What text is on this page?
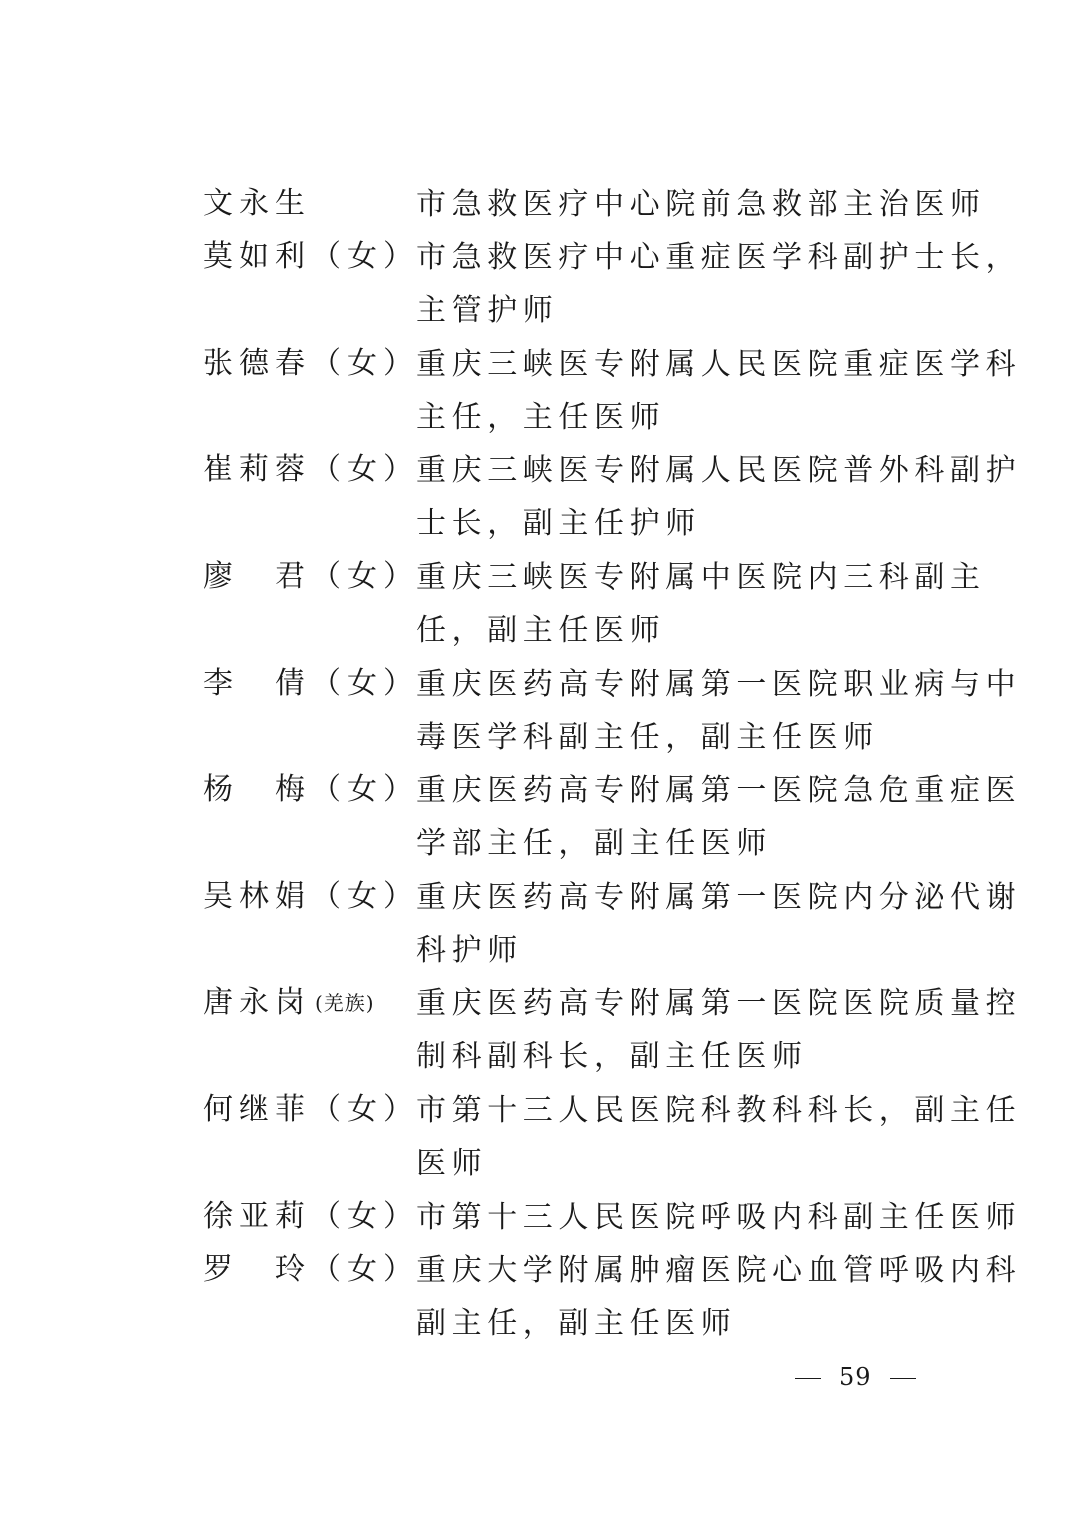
文永生	市急救医疗中心院前急救部主治医师
莫如利（女）
市急救医疗中心重症医学科副护士长，
主管护师
张德春（女）
重庆三峡医专附属人民医院重症医学科
主任，主任医师
崔莉蓉（女）
重庆三峡医专附属人民医院普外科副护
士长，副主任护师
廖　君（女）
重庆三峡医专附属中医院内三科副主
任，副主任医师
李　倩（女）
重庆医药高专附属第一医院职业病与中
毒医学科副主任，副主任医师
杨　梅（女）
重庆医药高专附属第一医院急危重症医
学部主任，副主任医师
吴林娟（女）
重庆医药高专附属第一医院内分泌代谢
科护师
唐永岗 (羌族) 重庆医药高专附属第一医院医院质量控
制科副科长，副主任医师
何继菲（女）
市第十三人民医院科教科科长，副主任
医师
徐亚莉（女）
市第十三人民医院呼吸内科副主任医师
罗　玲（女）
重庆大学附属肿瘤医院心血管呼吸内科
副主任，副主任医师
59
